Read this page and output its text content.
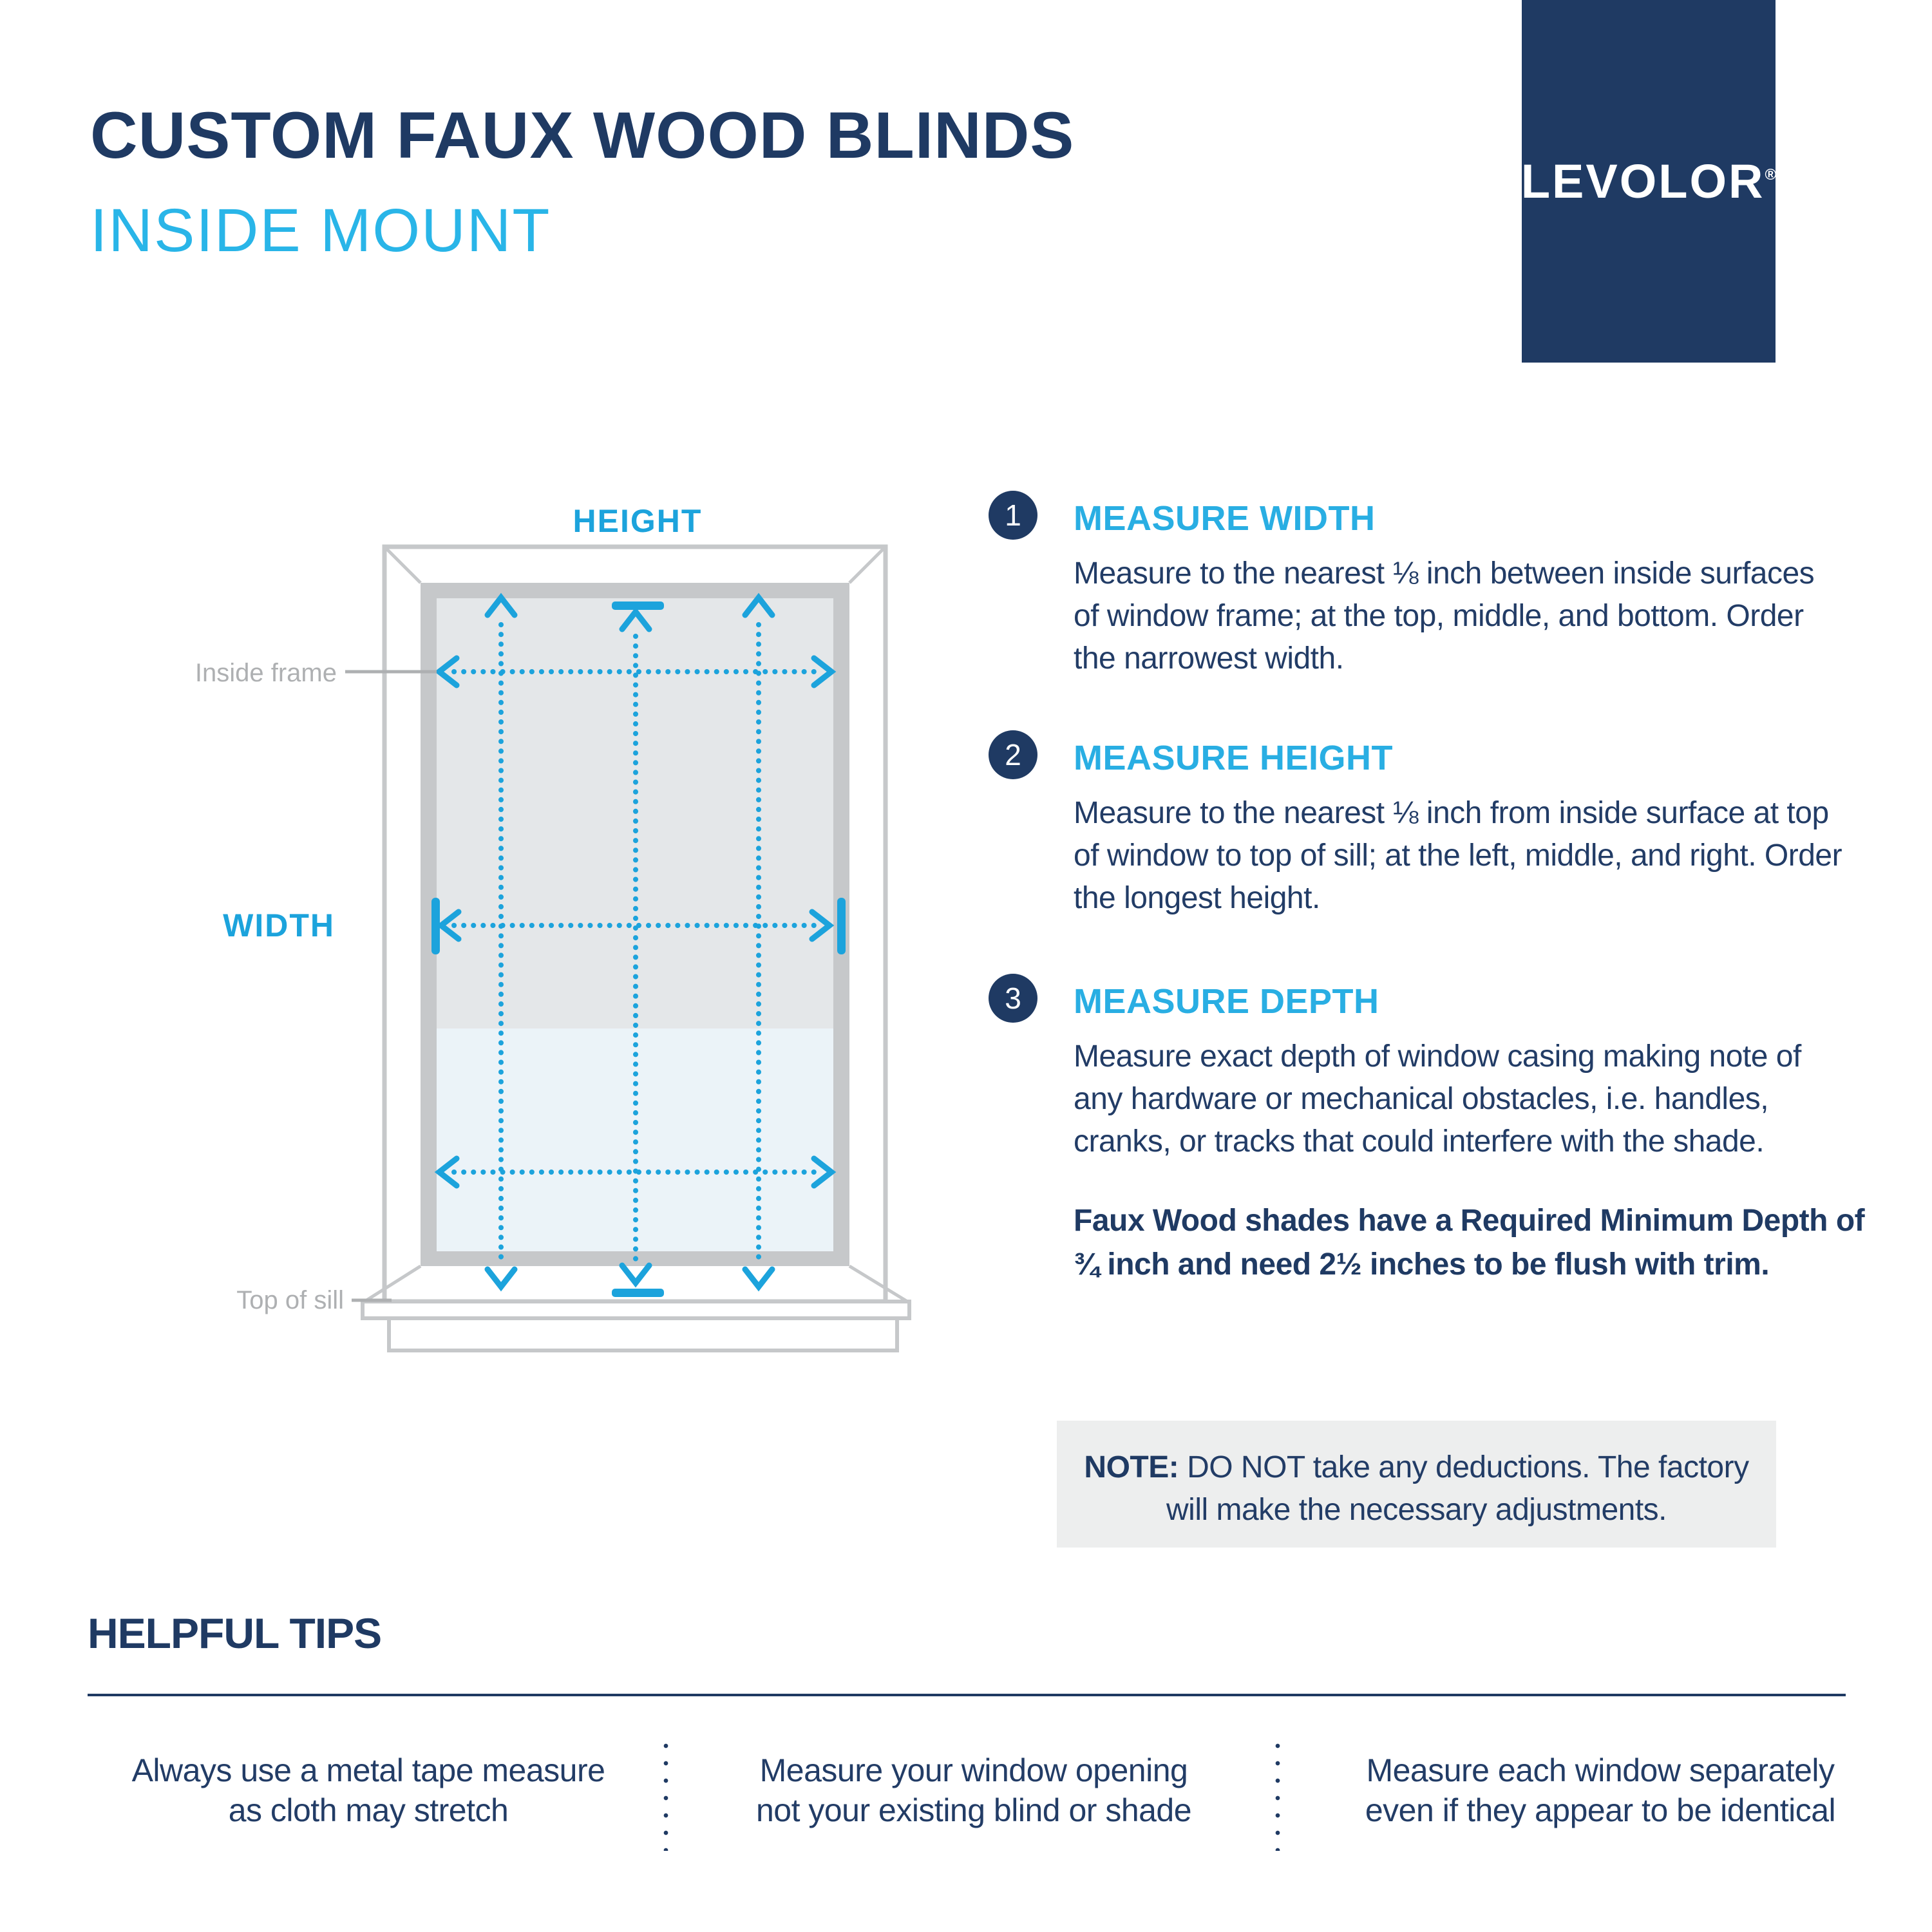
CUSTOM FAUX WOOD BLINDS
INSIDE MOUNT
LEVOLOR®
HEIGHT
WIDTH
Inside frame
Top of sill
1	MEASURE WIDTH
Measure to the nearest ⅛ inch between inside surfaces of window frame; at the top, middle, and bottom. Order the narrowest width.
2	MEASURE HEIGHT
Measure to the nearest ⅛ inch from inside surface at top of window to top of sill; at the left, middle, and right. Order the longest height.
3	MEASURE DEPTH
Measure exact depth of window casing making note of any hardware or mechanical obstacles, i.e. handles, cranks, or tracks that could interfere with the shade.
Faux Wood shades have a Required Minimum Depth of ¾ inch and need 2½ inches to be flush with trim.
NOTE: DO NOT take any deductions. The factory
will make the necessary adjustments.
HELPFUL TIPS
Always use a metal tape measure
as cloth may stretch
Measure your window opening
not your existing blind or shade
Measure each window separately
even if they appear to be identical
